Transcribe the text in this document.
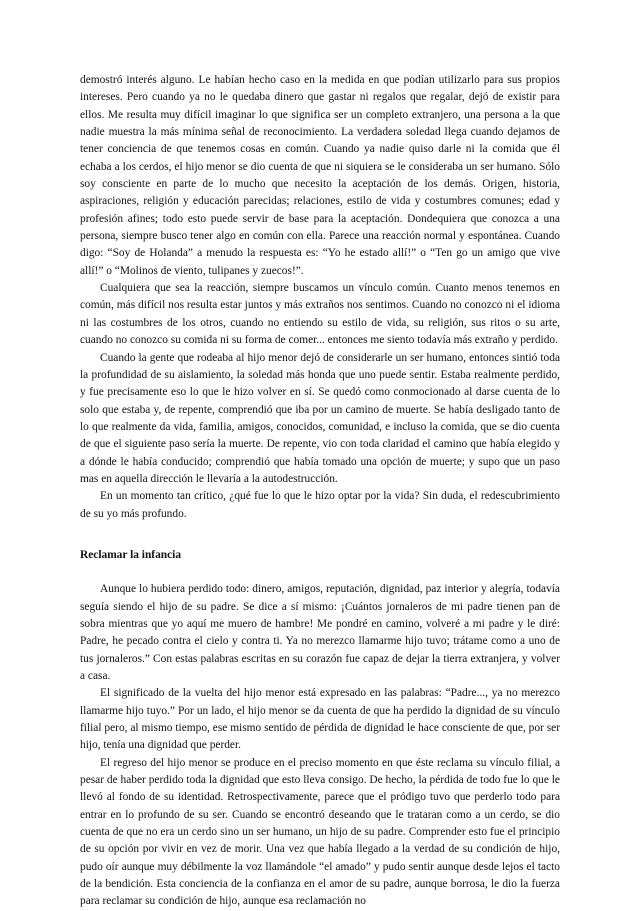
demostró interés alguno. Le habían hecho caso en la medida en que podían utilizarlo para sus propios intereses. Pero cuando ya no le quedaba dinero que gastar ni regalos que regalar, dejó de existir para ellos. Me resulta muy difícil imaginar lo que significa ser un completo extranjero, una persona a la que nadie muestra la más mínima señal de reconocimiento. La verdadera soledad llega cuando dejamos de tener conciencia de que tenemos cosas en común. Cuando ya nadie quiso darle ni la comida que él echaba a los cerdos, el hijo menor se dio cuenta de que ni siquiera se le consideraba un ser humano. Sólo soy consciente en parte de lo mucho que necesito la aceptación de los demás. Origen, historia, aspiraciones, religión y educación parecidas; relaciones, estilo de vida y costumbres comunes; edad y profesión afines; todo esto puede servir de base para la aceptación. Dondequiera que conozca a una persona, siempre busco tener algo en común con ella. Parece una reacción normal y espontánea. Cuando digo: “Soy de Holanda” a menudo la respuesta es: “Yo he estado allí!” o “Ten go un amigo que vive allí!” o “Molinos de viento, tulipanes y zuecos!”.

Cualquiera que sea la reacción, siempre buscamos un vínculo común. Cuanto menos tenemos en común, más difícil nos resulta estar juntos y más extraños nos sentimos. Cuando no conozco ni el idioma ni las costumbres de los otros, cuando no entiendo su estilo de vida, su religión, sus ritos o su arte, cuando no conozco su comida ni su forma de comer... entonces me siento todavía más extraño y perdido.

Cuando la gente que rodeaba al hijo menor dejó de considerarle un ser humano, entonces sintió toda la profundidad de su aislamiento, la soledad más honda que uno puede sentir. Estaba realmente perdido, y fue precisamente eso lo que le hizo volver en sí. Se quedó como conmocionado al darse cuenta de lo solo que estaba y, de repente, comprendió que iba por un camino de muerte. Se había desligado tanto de lo que realmente da vida, familia, amigos, conocidos, comunidad, e incluso la comida, que se dio cuenta de que el siguiente paso sería la muerte. De repente, vio con toda claridad el camino que había elegido y a dónde le había conducido; comprendió que había tomado una opción de muerte; y supo que un paso mas en aquella dirección le llevaría a la autodestrucción.

En un momento tan crítico, ¿qué fue lo que le hizo optar por la vida? Sin duda, el redescubrimiento de su yo más profundo.

Reclamar la infancia

Aunque lo hubiera perdido todo: dinero, amigos, reputación, dignidad, paz interior y alegría, todavía seguía siendo el hijo de su padre. Se dice a sí mismo: ¡Cuántos jornaleros de mi padre tienen pan de sobra mientras que yo aquí me muero de hambre! Me pondré en camino, volveré a mi padre y le diré: Padre, he pecado contra el cielo y contra ti. Ya no merezco llamarme hijo tuvo; trátame como a uno de tus jornaleros.” Con estas palabras escritas en su corazón fue capaz de dejar la tierra extranjera, y volver a casa.

El significado de la vuelta del hijo menor está expresado en las palabras: “Padre..., ya no merezco llamarme hijo tuyo.” Por un lado, el hijo menor se da cuenta de que ha perdido la dignidad de su vínculo filial pero, al mismo tiempo, ese mismo sentido de pérdida de dignidad le hace consciente de que, por ser hijo, tenía una dignidad que perder.

El regreso del hijo menor se produce en el preciso momento en que éste reclama su vínculo filial, a pesar de haber perdido toda la dignidad que esto lleva consigo. De hecho, la pérdida de todo fue lo que le llevó al fondo de su identidad. Retrospectivamente, parece que el pródigo tuvo que perderlo todo para entrar en lo profundo de su ser. Cuando se encontró deseando que le trataran como a un cerdo, se dio cuenta de que no era un cerdo sino un ser humano, un hijo de su padre. Comprender esto fue el principio de su opción por vivir en vez de morir. Una vez que había llegado a la verdad de su condición de hijo, pudo oír aunque muy débilmente la voz llamándole “el amado” y pudo sentir aunque desde lejos el tacto de la bendición. Esta conciencia de la confianza en el amor de su padre, aunque borrosa, le dio la fuerza para reclamar su condición de hijo, aunque esa reclamación no
